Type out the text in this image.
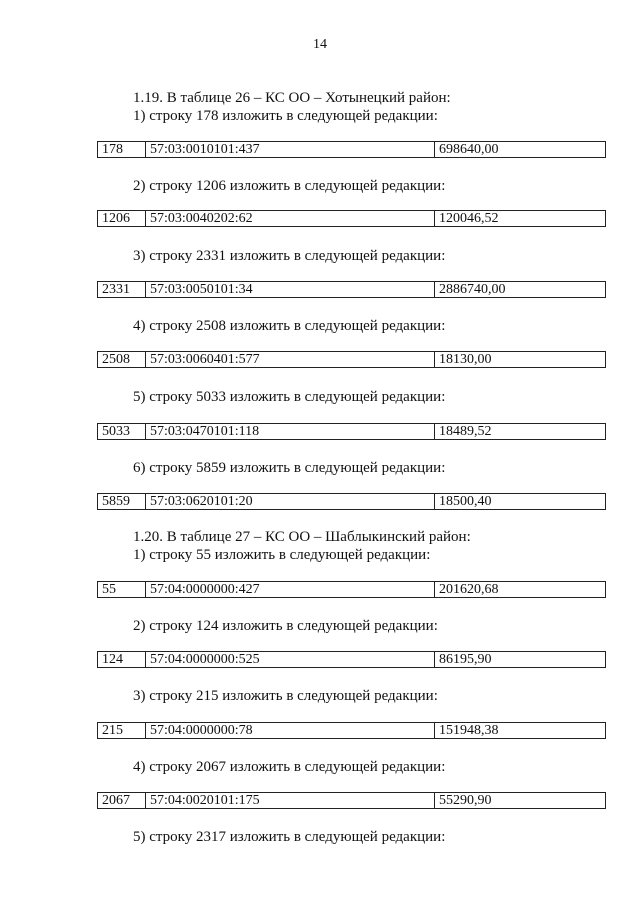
14
1.19. В таблице 26 – КС ОО – Хотынецкий район:
1) строку 178 изложить в следующей редакции:
178	57:03:0010101:437	698640,00
2) строку 1206 изложить в следующей редакции:
1206	57:03:0040202:62	120046,52
3) строку 2331 изложить в следующей редакции:
2331	57:03:0050101:34	2886740,00
4) строку 2508 изложить в следующей редакции:
2508	57:03:0060401:577	18130,00
5) строку 5033 изложить в следующей редакции:
5033	57:03:0470101:118	18489,52
6) строку 5859 изложить в следующей редакции:
5859	57:03:0620101:20	18500,40
1.20. В таблице 27 – КС ОО – Шаблыкинский район:
1) строку 55 изложить в следующей редакции:
55	57:04:0000000:427	201620,68
2) строку 124 изложить в следующей редакции:
124	57:04:0000000:525	86195,90
3) строку 215 изложить в следующей редакции:
215	57:04:0000000:78	151948,38
4) строку 2067 изложить в следующей редакции:
2067	57:04:0020101:175	55290,90
5) строку 2317 изложить в следующей редакции:
